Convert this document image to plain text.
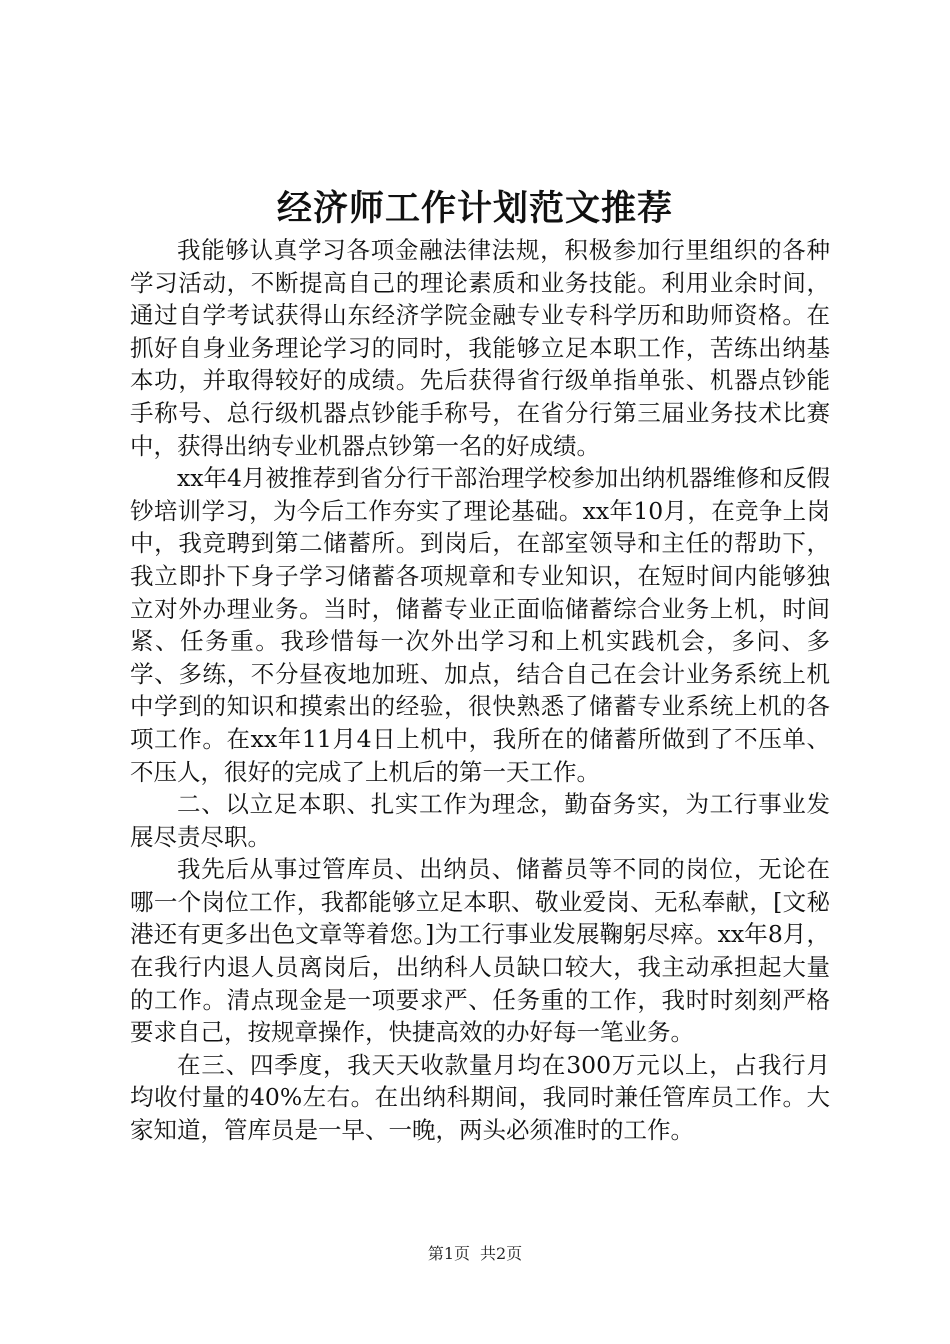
经济师工作计划范文推荐

我能够认真学习各项金融法律法规，积极参加行里组织的各种学习活动，不断提高自己的理论素质和业务技能。利用业余时间，通过自学考试获得山东经济学院金融专业专科学历和助师资格。在抓好自身业务理论学习的同时，我能够立足本职工作，苦练出纳基本功，并取得较好的成绩。先后获得省行级单指单张、机器点钞能手称号、总行级机器点钞能手称号，在省分行第三届业务技术比赛中，获得出纳专业机器点钞第一名的好成绩。

xx年4月被推荐到省分行干部治理学校参加出纳机器维修和反假钞培训学习，为今后工作夯实了理论基础。xx年10月，在竞争上岗中，我竞聘到第二储蓄所。到岗后，在部室领导和主任的帮助下，我立即扑下身子学习储蓄各项规章和专业知识，在短时间内能够独立对外办理业务。当时，储蓄专业正面临储蓄综合业务上机，时间紧、任务重。我珍惜每一次外出学习和上机实践机会，多问、多学、多练，不分昼夜地加班、加点，结合自己在会计业务系统上机中学到的知识和摸索出的经验，很快熟悉了储蓄专业系统上机的各项工作。在xx年11月4日上机中，我所在的储蓄所做到了不压单、不压人，很好的完成了上机后的第一天工作。

二、以立足本职、扎实工作为理念，勤奋务实，为工行事业发展尽责尽职。

我先后从事过管库员、出纳员、储蓄员等不同的岗位，无论在哪一个岗位工作，我都能够立足本职、敬业爱岗、无私奉献，[文秘港还有更多出色文章等着您。]为工行事业发展鞠躬尽瘁。xx年8月，在我行内退人员离岗后，出纳科人员缺口较大，我主动承担起大量的工作。清点现金是一项要求严、任务重的工作，我时时刻刻严格要求自己，按规章操作，快捷高效的办好每一笔业务。

在三、四季度，我天天收款量月均在300万元以上，占我行月均收付量的40%左右。在出纳科期间，我同时兼任管库员工作。大家知道，管库员是一早、一晚，两头必须准时的工作。

第1页 共2页
